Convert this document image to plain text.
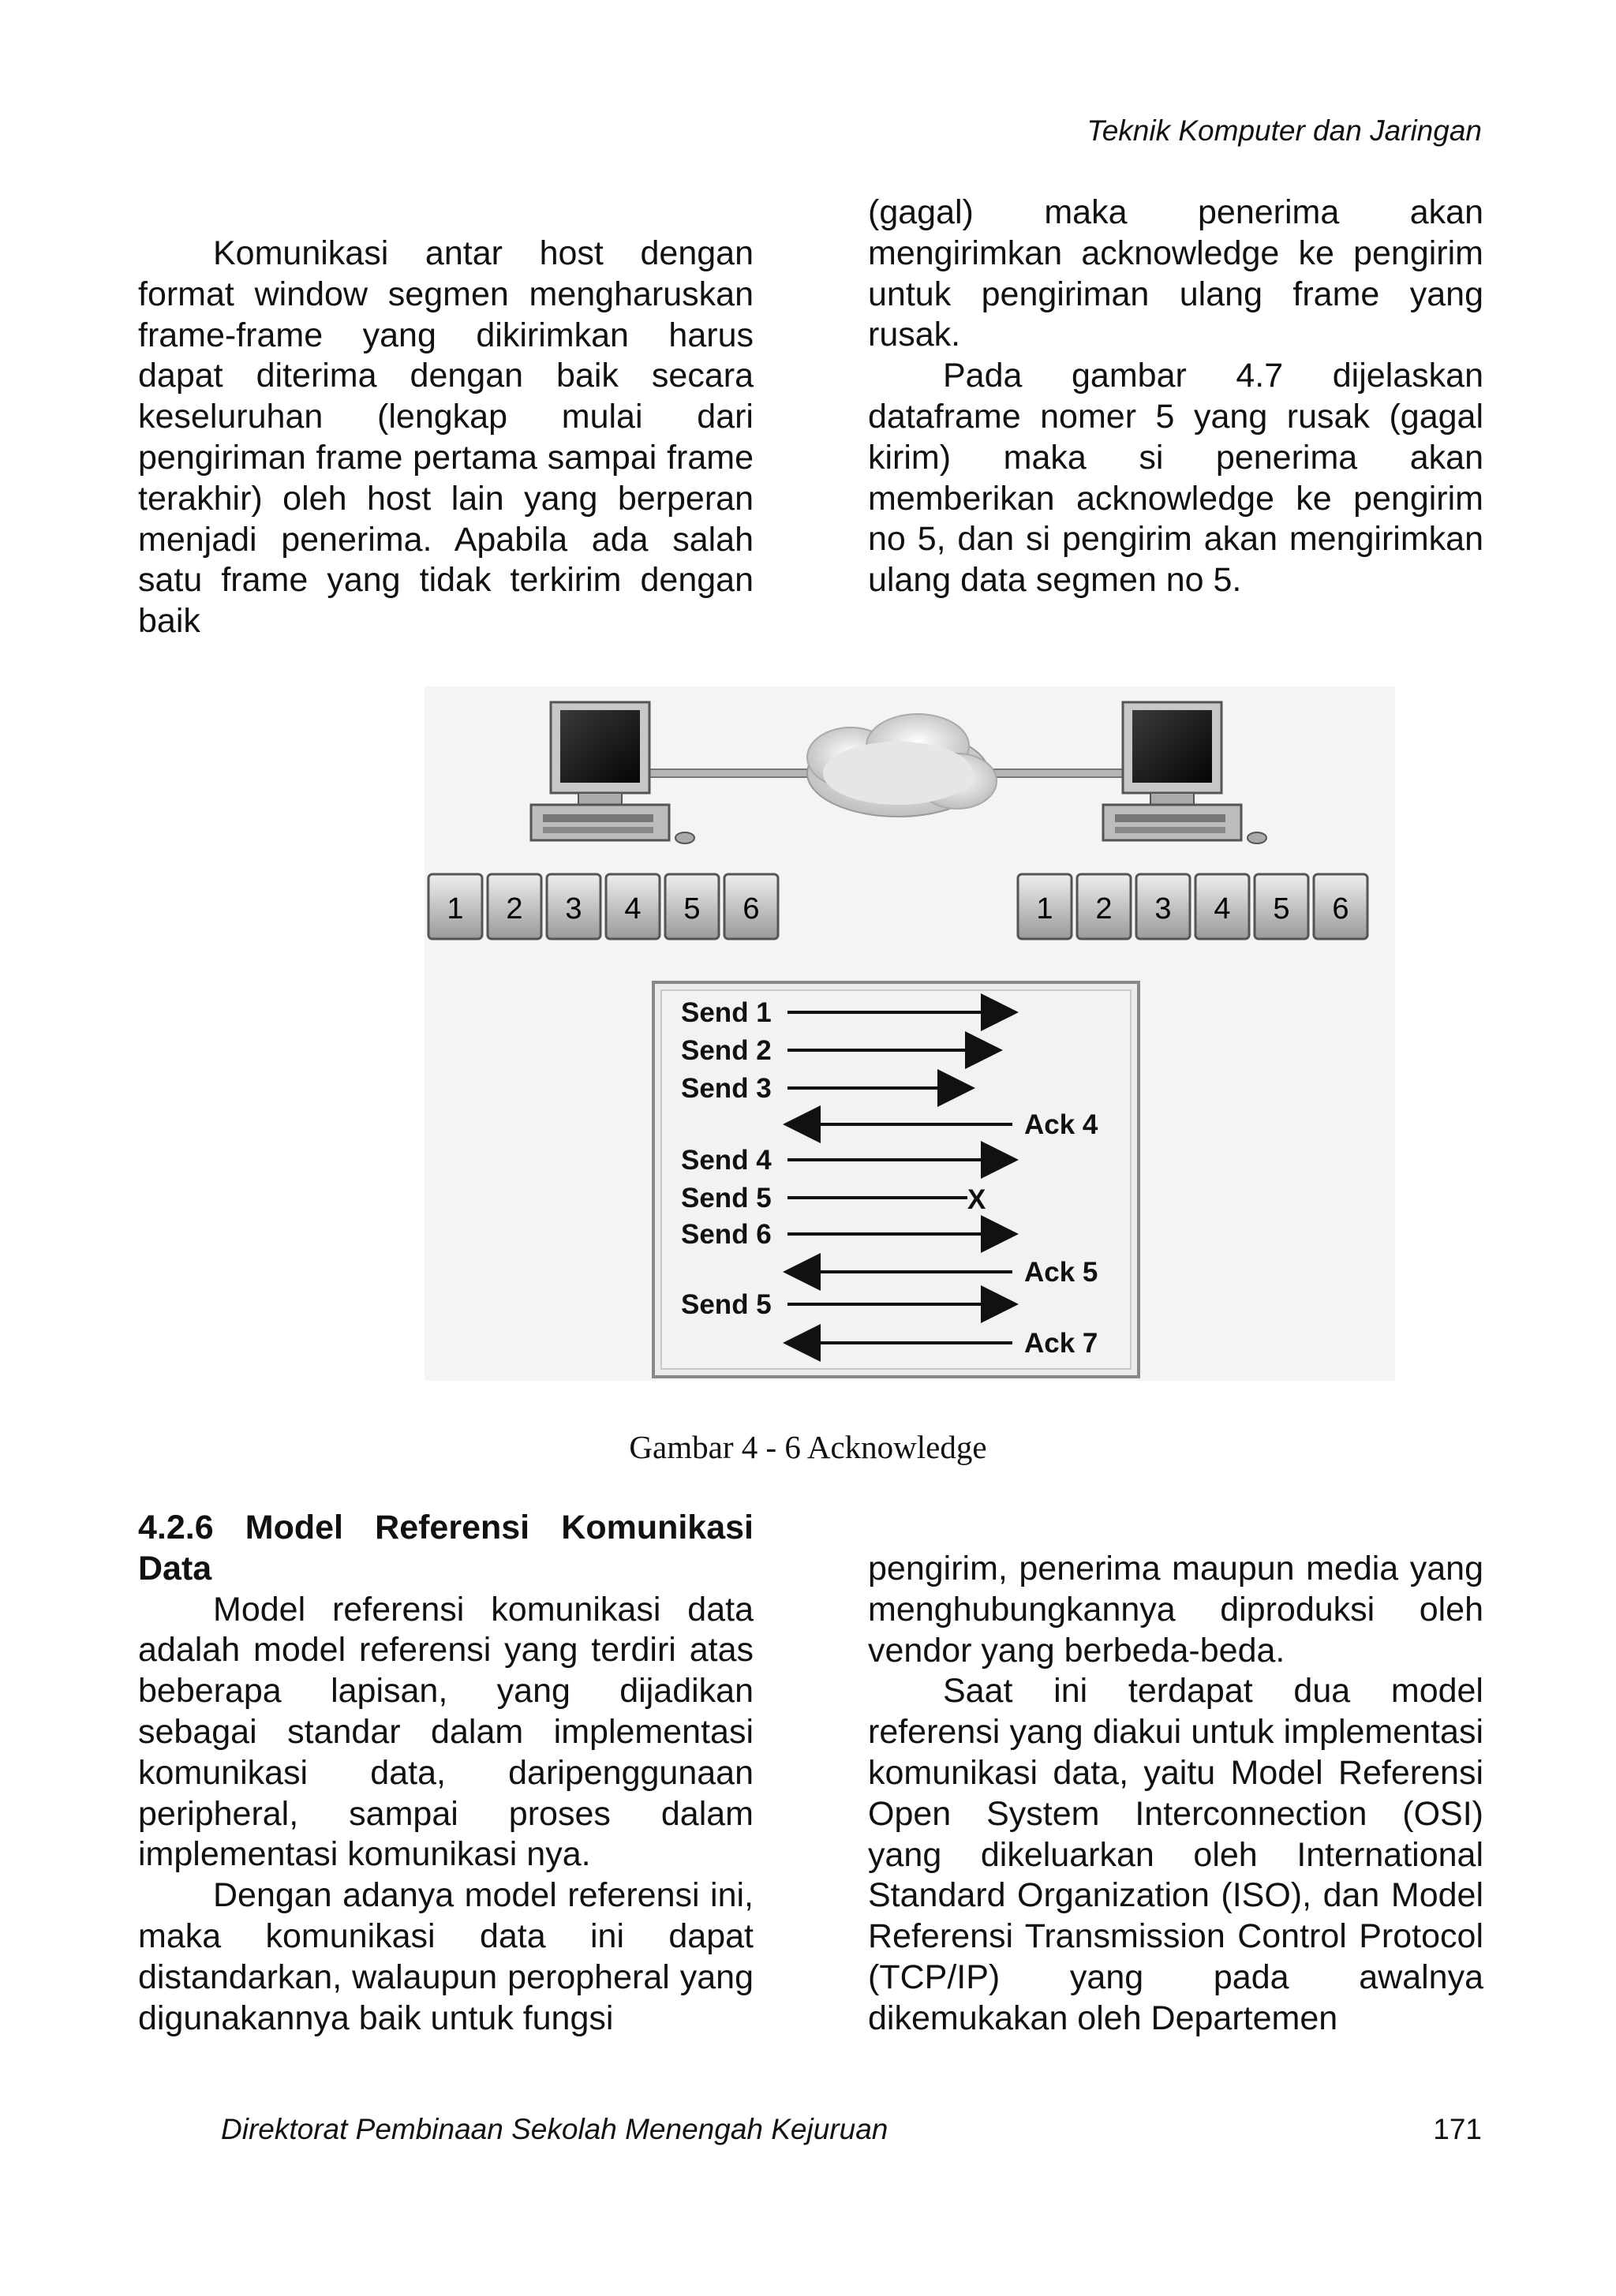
Teknik Komputer dan Jaringan

Komunikasi antar host dengan format window segmen mengharuskan frame-frame yang dikirimkan harus dapat diterima dengan baik secara keseluruhan (lengkap mulai dari pengiriman frame pertama sampai frame terakhir) oleh host lain yang berperan menjadi penerima. Apabila ada salah satu frame yang tidak terkirim dengan baik

(gagal) maka penerima akan mengirimkan acknowledge ke pengirim untuk pengiriman ulang frame yang rusak.

Pada gambar 4.7 dijelaskan dataframe nomer 5 yang rusak (gagal kirim) maka si penerima akan memberikan acknowledge ke pengirim no 5, dan si pengirim akan mengirimkan ulang data segmen no 5.

1 2 3 4 5 6	1 2 3 4 5 6
Send 1
Send 2
Send 3
Ack 4
Send 4
Send 5	X
Send 6
Ack 5
Send 5
Ack 7
Gambar 4 - 6 Acknowledge
4.2.6 Model Referensi Komunikasi Data

Model referensi komunikasi data adalah model referensi yang terdiri atas beberapa lapisan, yang dijadikan sebagai standar dalam implementasi komunikasi data, daripenggunaan peripheral, sampai proses dalam implementasi komunikasi nya.

Dengan adanya model referensi ini, maka komunikasi data ini dapat distandarkan, walaupun peropheral yang digunakannya baik untuk fungsi

pengirim, penerima maupun media yang menghubungkannya diproduksi oleh vendor yang berbeda-beda.

Saat ini terdapat dua model referensi yang diakui untuk implementasi komunikasi data, yaitu Model Referensi Open System Interconnection (OSI) yang dikeluarkan oleh International Standard Organization (ISO), dan Model Referensi Transmission Control Protocol (TCP/IP) yang pada awalnya dikemukakan oleh Departemen

Direktorat Pembinaan Sekolah Menengah Kejuruan	171
